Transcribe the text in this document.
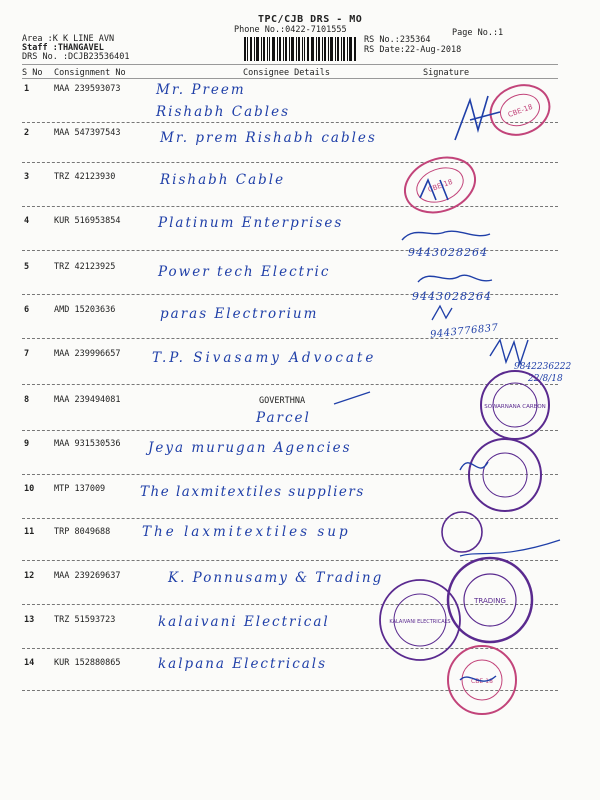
TPC/CJB DRS - MO
Phone No.:0422-7101555
Area :K K LINE AVN
Staff :THANGAVEL
DRS No. :DCJB23536401
Page No.:1
RS No.:235364
RS Date:22-Aug-2018
S No Consignment No	Consignee Details	Signature
1	MAA 239593073	Mr. Preem
Rishabh Cables
2	MAA 547397543	Mr. prem Rishabh cables
3	TRZ 42123930	Rishabh Cable
4	KUR 516953854	Platinum Enterprises
5	TRZ 42123925	Power tech Electric
6	AMD 15203636	paras Electrorium
7	MAA 239996657 T.P. Sivasamy Advocate
8	MAA 239494081	GOVERTHNA
Parcel
9	MAA 931530536 Jeya murugan Agencies
10 MTP 137009	The laxmitextiles suppliers
11 TRP 8049688 The laxmitextiles sup
12 MAA 239269637	K. Ponnusamy & Trading
13 TRZ 51593723	kalaivani Electrical
14 KUR 152880865	kalpana Electricals
9443028264
9443028264
9443776837
9842236222
22/8/18
CBE-18
CBE-18
SOWARNANA CARBON
TRADING
KALAIVANI ELECTRICALS
CBE-18
